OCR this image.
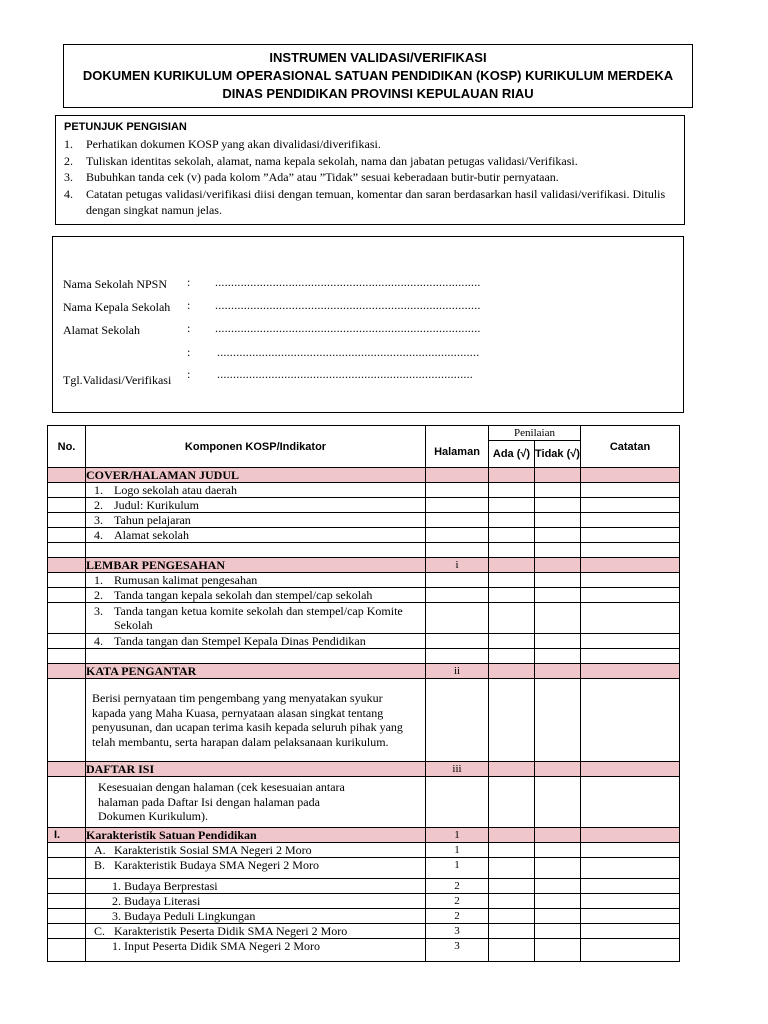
INSTRUMEN VALIDASI/VERIFIKASI
DOKUMEN KURIKULUM OPERASIONAL SATUAN PENDIDIKAN (KOSP) KURIKULUM MERDEKA
DINAS PENDIDIKAN PROVINSI KEPULAUAN RIAU
PETUNJUK PENGISIAN
1. Perhatikan dokumen KOSP yang akan divalidasi/diverifikasi.
2. Tuliskan identitas sekolah, alamat, nama kepala sekolah, nama dan jabatan petugas validasi/Verifikasi.
3. Bubuhkan tanda cek (v) pada kolom ”Ada” atau ”Tidak” sesuai keberadaan butir-butir pernyataan.
4. Catatan petugas validasi/verifikasi diisi dengan temuan, komentar dan saran berdasarkan hasil validasi/verifikasi. Ditulis dengan singkat namun jelas.
Nama Sekolah NPSN : ...................................................................................
Nama Kepala Sekolah : ...................................................................................
Alamat Sekolah	: ...................................................................................
: ..................................................................................
Tgl.Validasi/Verifikasi : ................................................................................
No.	Komponen KOSP/Indikator	Halaman	Penilaian		Catatan
			Ada (√)	Tidak (√)	
	COVER/HALAMAN JUDUL				
	1. Logo sekolah atau daerah				
	2. Judul: Kurikulum				
	3. Tahun pelajaran				
	4. Alamat sekolah				

	LEMBAR PENGESAHAN	i			
	1. Rumusan kalimat pengesahan				
	2. Tanda tangan kepala sekolah dan stempel/cap sekolah				
	3. Tanda tangan ketua komite sekolah dan stempel/cap Komite Sekolah				
	4. Tanda tangan dan Stempel Kepala Dinas Pendidikan				

	KATA PENGANTAR	ii			
	Berisi pernyataan tim pengembang yang menyatakan syukur kapada yang Maha Kuasa, pernyataan alasan singkat tentang penyusunan, dan ucapan terima kasih kepada seluruh pihak yang telah membantu, serta harapan dalam pelaksanaan kurikulum.				
	DAFTAR ISI	iii			
	Kesesuaian dengan halaman (cek kesesuaian antara halaman pada Daftar Isi dengan halaman pada Dokumen Kurikulum).				
I.	Karakteristik Satuan Pendidikan	1			
	A. Karakteristik Sosial SMA Negeri 2 Moro	1			
	B. Karakteristik Budaya SMA Negeri 2 Moro	1			
	1. Budaya Berprestasi	2			
	2. Budaya Literasi	2			
	3. Budaya Peduli Lingkungan	2			
	C. Karakteristik Peserta Didik SMA Negeri 2 Moro	3			
	1. Input Peserta Didik SMA Negeri 2 Moro	3			
